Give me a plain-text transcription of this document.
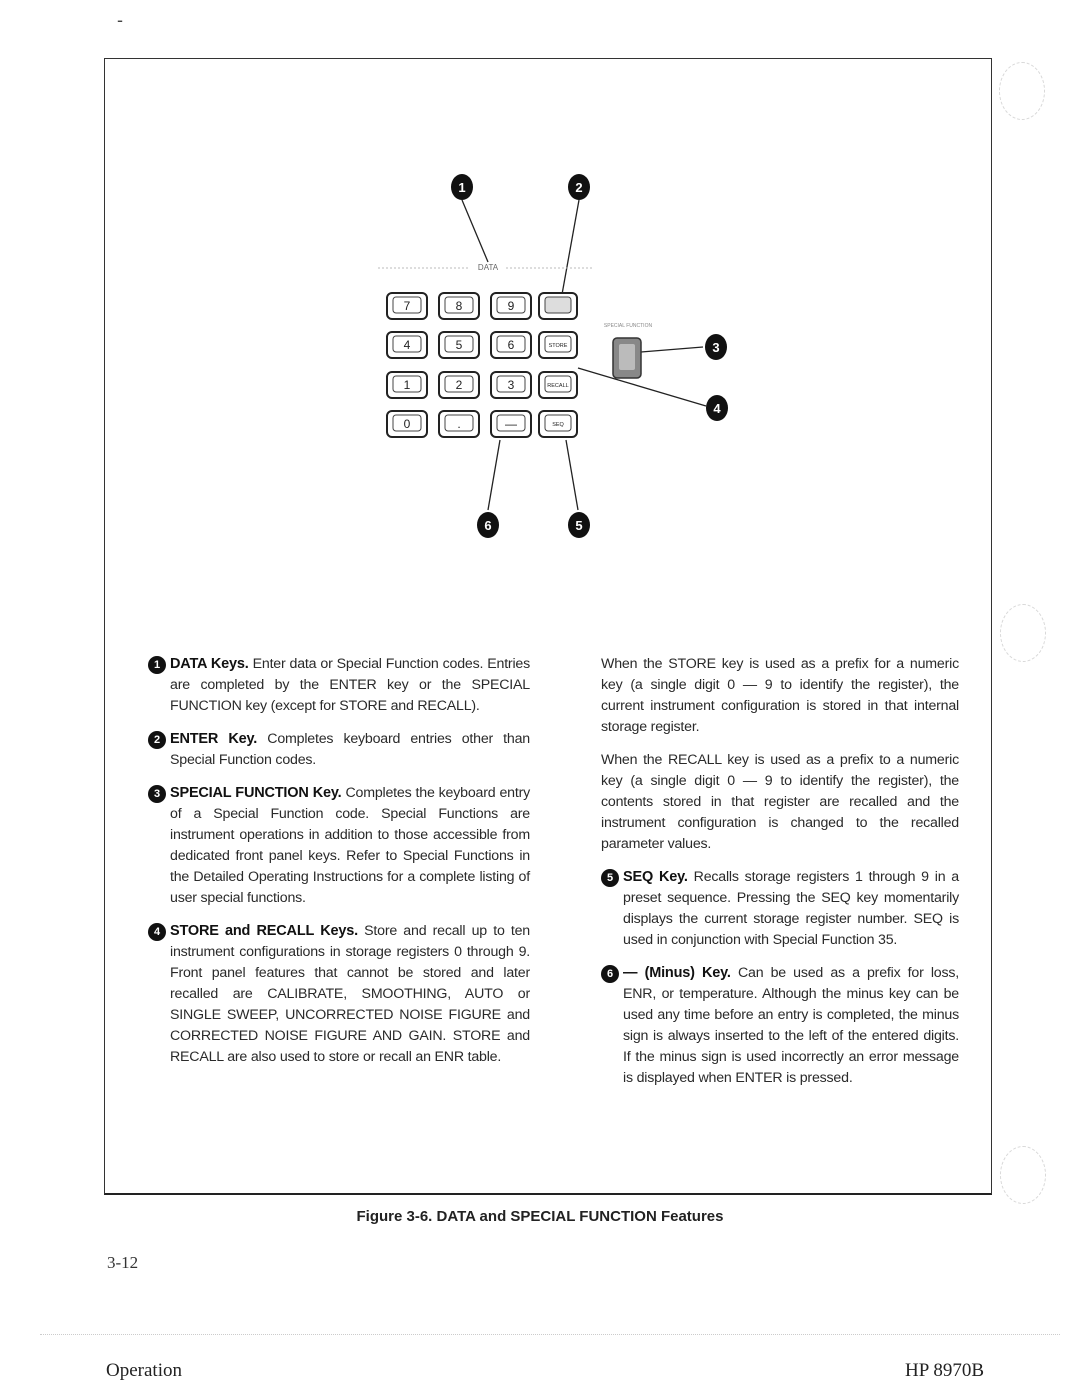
-
DATA
SPECIAL FUNCTION
7	8	9
4	5	6	STORE
1	2	3	RECALL
0	.	—	SEQ
1	2
3
4
5
6
1 DATA Keys. Enter data or Special Function codes. Entries are completed by the ENTER key or the SPECIAL FUNCTION key (except for STORE and RECALL).
2 ENTER Key. Completes keyboard entries other than Special Function codes.
3 SPECIAL FUNCTION Key. Completes the keyboard entry of a Special Function code. Special Functions are instrument operations in addition to those accessible from dedicated front panel keys. Refer to Special Functions in the Detailed Operating Instructions for a complete listing of user special functions.
4 STORE and RECALL Keys. Store and recall up to ten instrument configurations in storage registers 0 through 9. Front panel features that cannot be stored and later recalled are CALIBRATE, SMOOTHING, AUTO or SINGLE SWEEP, UNCORRECTED NOISE FIGURE and CORRECTED NOISE FIGURE AND GAIN. STORE and RECALL are also used to store or recall an ENR table.

When the STORE key is used as a prefix for a numeric key (a single digit 0 — 9 to identify the register), the current instrument configuration is stored in that internal storage register.

When the RECALL key is used as a prefix to a numeric key (a single digit 0 — 9 to identify the register), the contents stored in that register are recalled and the instrument configuration is changed to the recalled parameter values.

5 SEQ Key. Recalls storage registers 1 through 9 in a preset sequence. Pressing the SEQ key momentarily displays the current storage register number. SEQ is used in conjunction with Special Function 35.
6 — (Minus) Key. Can be used as a prefix for loss, ENR, or temperature. Although the minus key can be used any time before an entry is completed, the minus sign is always inserted to the left of the entered digits. If the minus sign is used incorrectly an error message is displayed when ENTER is pressed.
Figure 3-6. DATA and SPECIAL FUNCTION Features
3-12
Operation	HP 8970B
